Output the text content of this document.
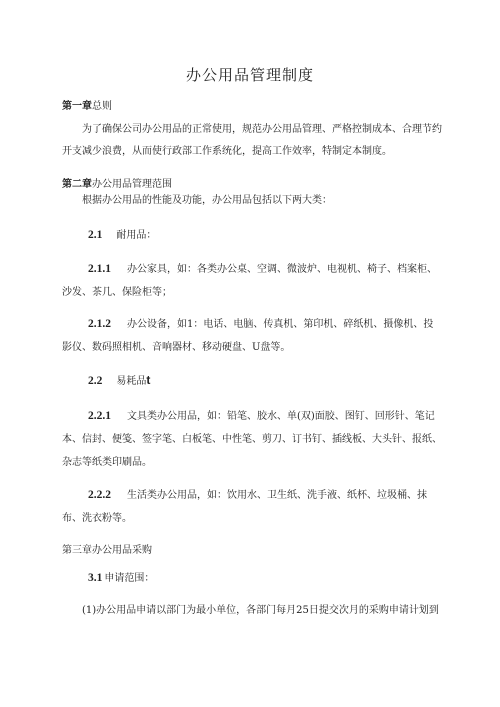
办公用品管理制度
第一章总则
为了确保公司办公用品的正常使用，规范办公用品管理、严格控制成本、合理节约开支减少浪费，从而使行政部工作系统化，提高工作效率，特制定本制度。
第二章办公用品管理范围
根据办公用品的性能及功能，办公用品包括以下两大类：
2.1 耐用品：
2.1.1 办公家具，如：各类办公桌、空调、微波炉、电视机、椅子、档案柜、沙发、茶几、保险柜等；
2.1.2 办公设备，如1：电话、电脑、传真机、第印机、碎纸机、摄像机、投影仪、数码照相机、音响器材、移动硬盘、U盘等。
2.2 易耗品t
2.2.1 文具类办公用品，如：铅笔、胶水、单(双)面胶、图钉、回形针、笔记本、信封、便笺、签字笔、白板笔、中性笔、剪刀、订书钉、插线板、大头针、报纸、杂志等纸类印刷品。
2.2.2 生活类办公用品，如：饮用水、卫生纸、洗手液、纸杯、垃圾桶、抹布、洗衣粉等。
第三章办公用品采购
3.1 申请范围：
(1)办公用品申请以部门为最小单位，各部门每月25日提交次月的采购申请计划到
